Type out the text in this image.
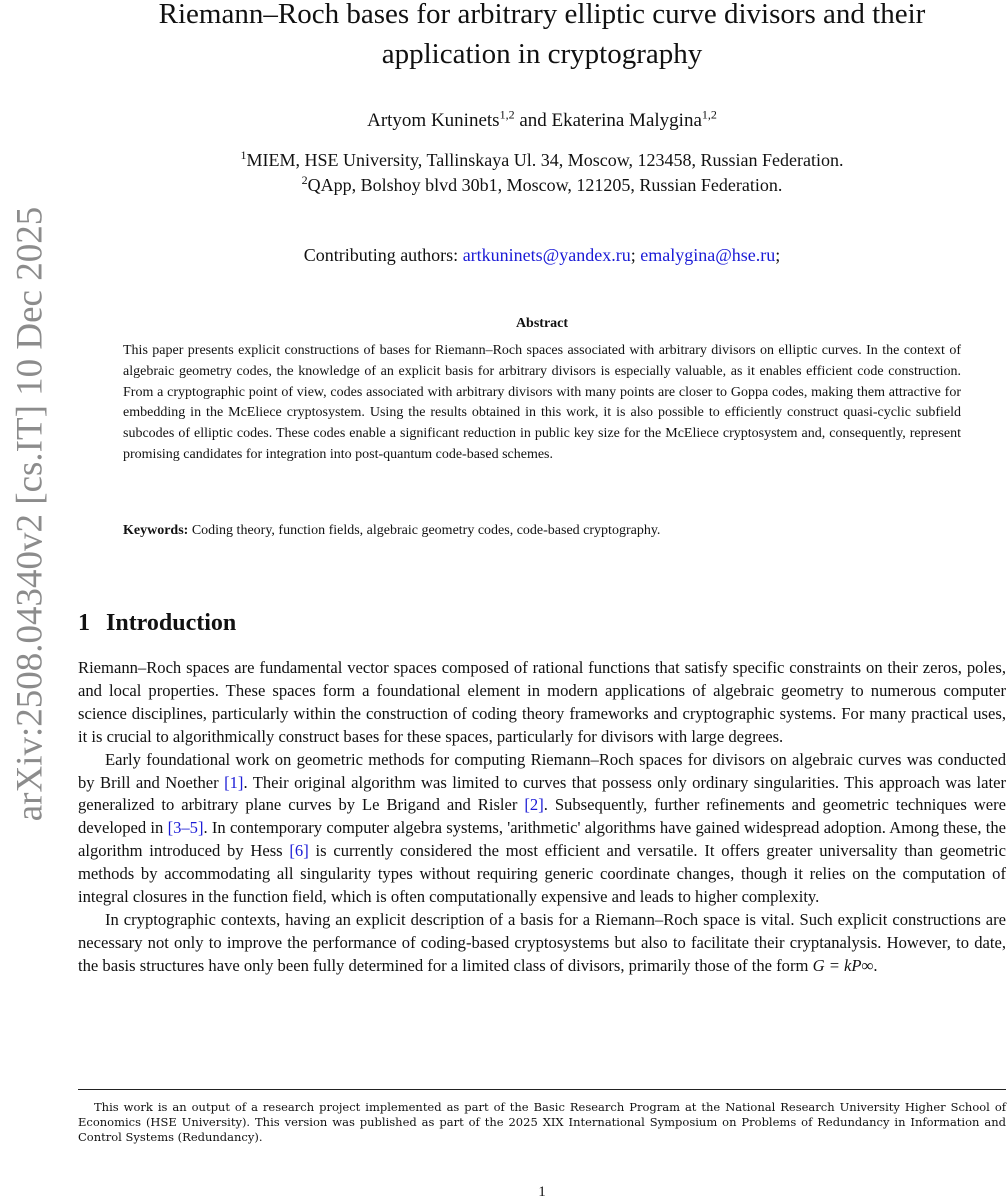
arXiv:2508.04340v2 [cs.IT] 10 Dec 2025
Riemann–Roch bases for arbitrary elliptic curve divisors and their
application in cryptography
Artyom Kuninets$^{1,2}$ and Ekaterina Malygina$^{1,2}$
$^1$MIEM, HSE University, Tallinskaya Ul. 34, Moscow, 123458, Russian Federation.
$^2$QApp, Bolshoy blvd 30b1, Moscow, 121205, Russian Federation.
Contributing authors: artkuninets@yandex.ru; emalygina@hse.ru;
Abstract
This paper presents explicit constructions of bases for Riemann–Roch spaces associated with arbitrary divisors on elliptic curves. In the context of algebraic geometry codes, the knowledge of an explicit basis for arbitrary divisors is especially valuable, as it enables efficient code construction. From a cryptographic point of view, codes associated with arbitrary divisors with many points are closer to Goppa codes, making them attractive for embedding in the McEliece cryptosystem. Using the results obtained in this work, it is also possible to efficiently construct quasi-cyclic subfield subcodes of elliptic codes. These codes enable a significant reduction in public key size for the McEliece cryptosystem and, consequently, represent promising candidates for integration into post-quantum code-based schemes.
Keywords: Coding theory, function fields, algebraic geometry codes, code-based cryptography.
1 Introduction

Riemann–Roch spaces are fundamental vector spaces composed of rational functions that satisfy specific constraints on their zeros, poles, and local properties. These spaces form a foundational element in modern applications of algebraic geometry to numerous computer science disciplines, particularly within the construction of coding theory frameworks and cryptographic systems. For many practical uses, it is crucial to algorithmically construct bases for these spaces, particularly for divisors with large degrees.

Early foundational work on geometric methods for computing Riemann–Roch spaces for divisors on algebraic curves was conducted by Brill and Noether [1]. Their original algorithm was limited to curves that possess only ordinary singularities. This approach was later generalized to arbitrary plane curves by Le Brigand and Risler [2]. Subsequently, further refinements and geometric techniques were developed in [3–5]. In contemporary computer algebra systems, 'arithmetic' algorithms have gained widespread adoption. Among these, the algorithm introduced by Hess [6] is currently considered the most efficient and versatile. It offers greater universality than geometric methods by accommodating all singularity types without requiring generic coordinate changes, though it relies on the computation of integral closures in the function field, which is often computationally expensive and leads to higher complexity.

In cryptographic contexts, having an explicit description of a basis for a Riemann–Roch space is vital. Such explicit constructions are necessary not only to improve the performance of coding-based cryptosystems but also to facilitate their cryptanalysis. However, to date, the basis structures have only been fully determined for a limited class of divisors, primarily those of the form G = kP∞.

This work is an output of a research project implemented as part of the Basic Research Program at the National Research University Higher School of Economics (HSE University). This version was published as part of the 2025 XIX International Symposium on Problems of Redundancy in Information and Control Systems (Redundancy).
1
